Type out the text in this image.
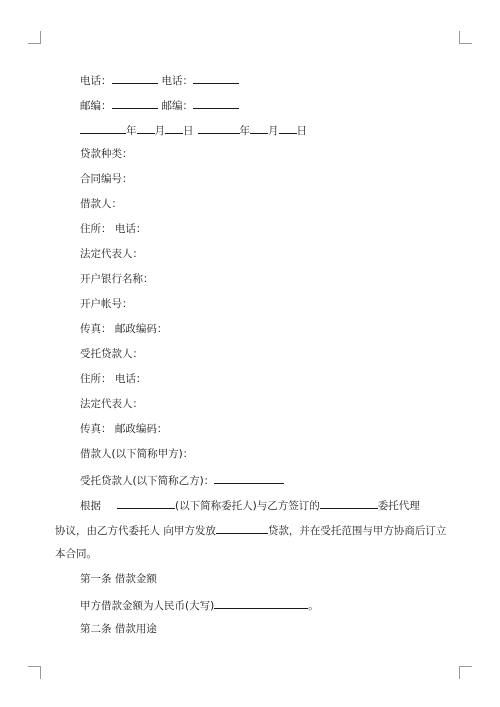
电话：	电话：
邮编：	邮编：
年 月 日	年 月 日
贷款种类：
合同编号：
借款人：
住所： 电话：
法定代表人：
开户银行名称：
开户帐号：
传真： 邮政编码：
受托贷款人：
住所： 电话：
法定代表人：
传真： 邮政编码：
借款人(以下简称甲方)：
受托贷款人(以下简称乙方)：
根据	(以下简称委托人)与乙方签订的	委托代理
协议，由乙方代委托人 向甲方发放	贷款，并在受托范围与甲方协商后订立
本合同。
第一条 借款金额
甲方借款金额为人民币(大写)	。
第二条 借款用途
